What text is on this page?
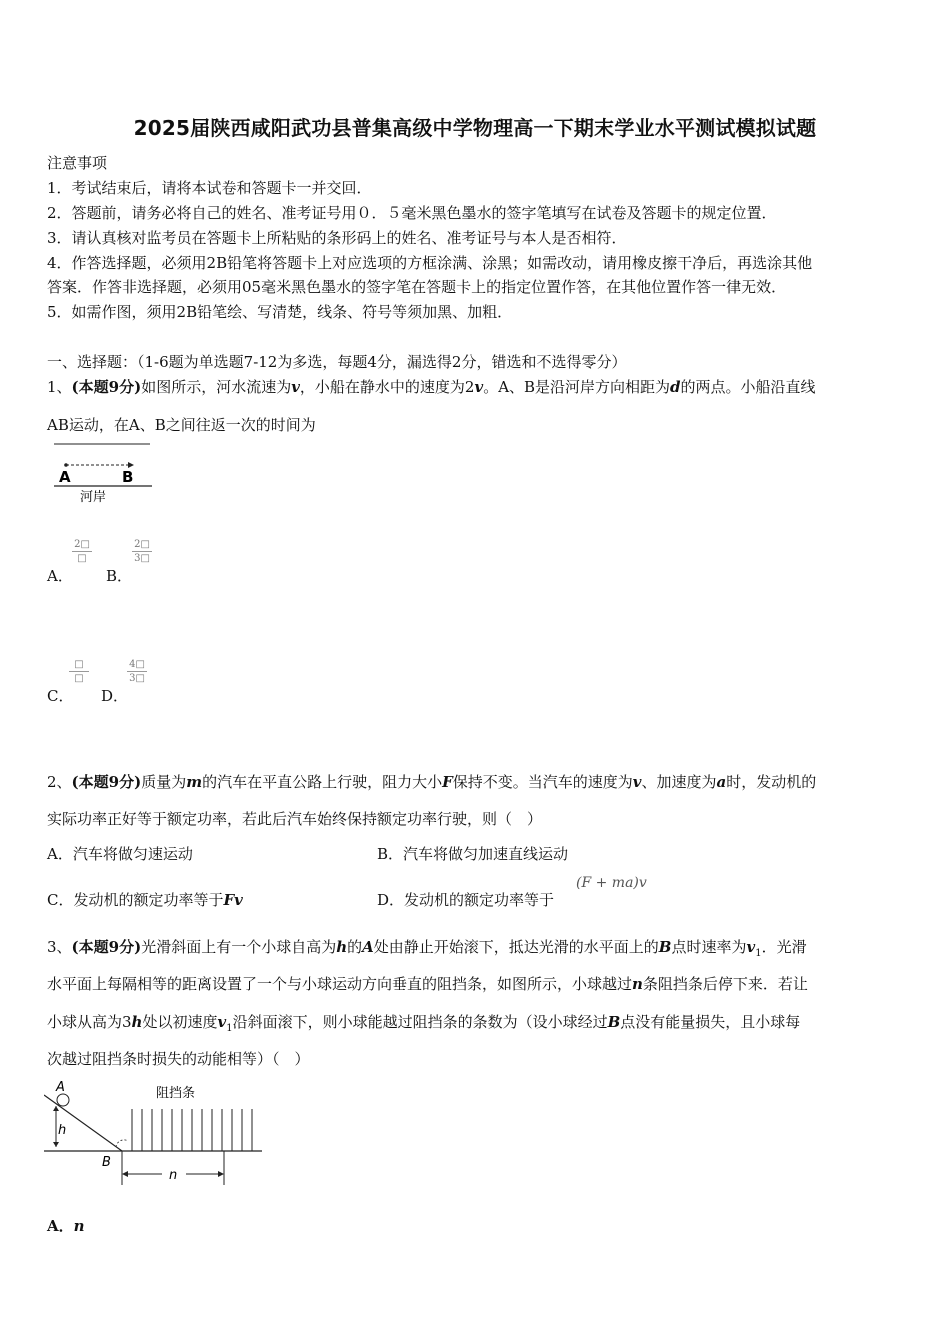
2025届陕西咸阳武功县普集高级中学物理高一下期末学业水平测试模拟试题
注意事项
1．考试结束后，请将本试卷和答题卡一并交回．
2．答题前，请务必将自己的姓名、准考证号用０．５毫米黑色墨水的签字笔填写在试卷及答题卡的规定位置．
3．请认真核对监考员在答题卡上所粘贴的条形码上的姓名、准考证号与本人是否相符．
4．作答选择题，必须用2B铅笔将答题卡上对应选项的方框涂满、涂黑；如需改动，请用橡皮擦干净后，再选涂其他
答案．作答非选择题，必须用05毫米黑色墨水的签字笔在答题卡上的指定位置作答，在其他位置作答一律无效．
5．如需作图，须用2B铅笔绘、写清楚，线条、符号等须加黑、加粗．
一、选择题：（1-6题为单选题7-12为多选，每题4分，漏选得2分，错选和不选得零分）
1、(本题9分)如图所示，河水流速为v，小船在静水中的速度为2v。A、B是沿河岸方向相距为d的两点。小船沿直线
AB运动，在A、B之间往返一次的时间为
A	B
河岸
A．
2□
□
B．
$\frac{2□}{3□}$
C．
□
□
D．
$\frac{4□}{3□}$
2、(本题9分)质量为m的汽车在平直公路上行驶，阻力大小F保持不变。当汽车的速度为v、加速度为a时，发动机的
实际功率正好等于额定功率，若此后汽车始终保持额定功率行驶，则（　）
A．汽车将做匀速运动	B．汽车将做匀加速直线运动
C．发动机的额定功率等于Fv	D．发动机的额定功率等于
(F + ma)v
3、(本题9分)光滑斜面上有一个小球自高为h的A处由静止开始滚下，抵达光滑的水平面上的B点时速率为$v_1$．光滑
水平面上每隔相等的距离设置了一个与小球运动方向垂直的阻挡条，如图所示，小球越过n条阻挡条后停下来．若让
小球从高为3h处以初速度$v_1$沿斜面滚下，则小球能越过阻挡条的条数为（设小球经过B点没有能量损失，且小球每
次越过阻挡条时损失的动能相等）（　）
A
h
B
阻挡条
n
A．n
